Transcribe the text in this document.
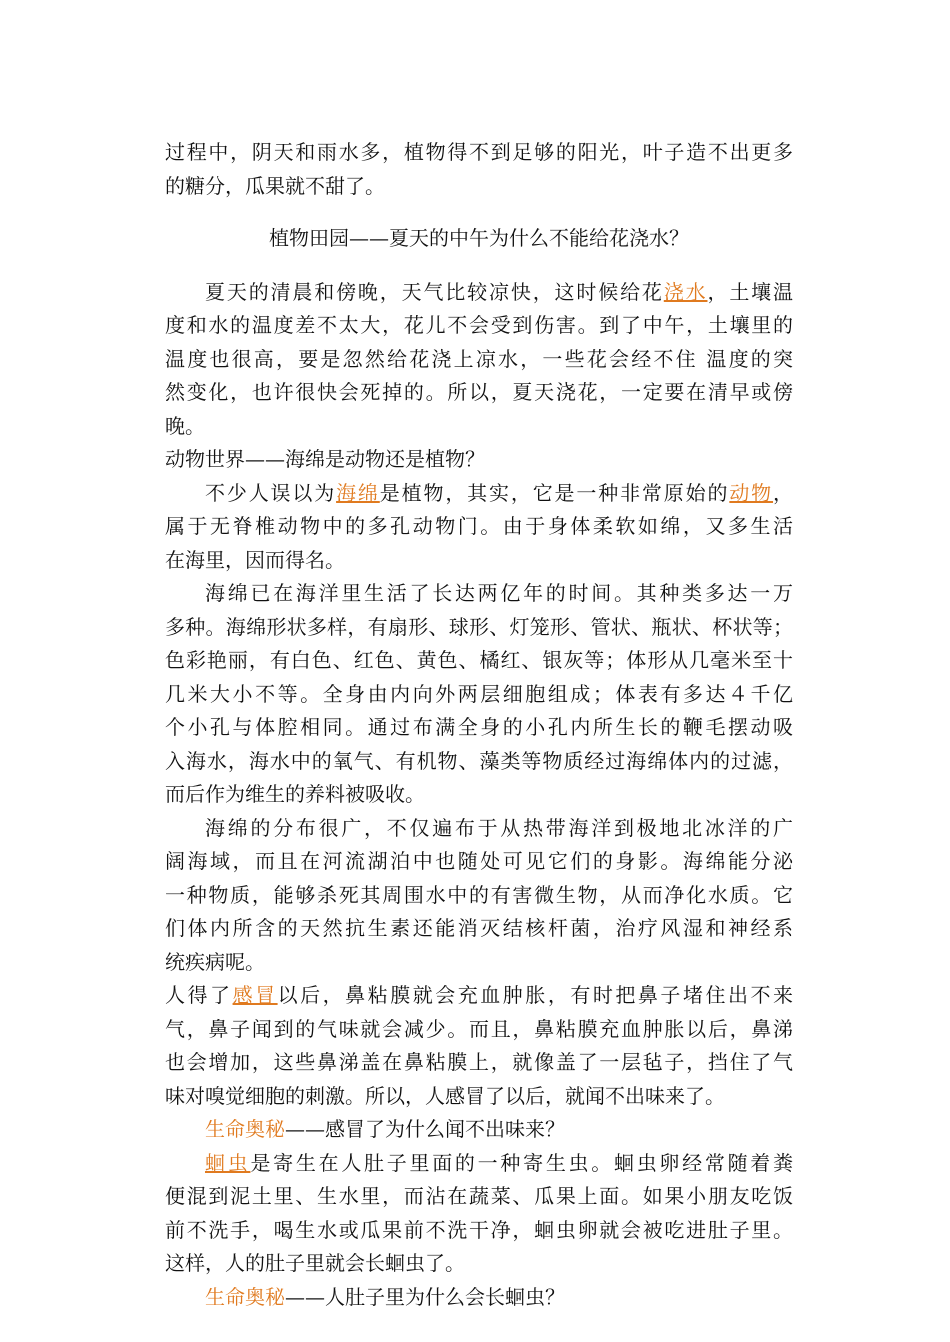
过程中，阴天和雨水多，植物得不到足够的阳光，叶子造不出更多
的糖分，瓜果就不甜了。
植物田园——夏天的中午为什么不能给花浇水？
夏天的清晨和傍晚，天气比较凉快，这时候给花浇水，土壤温
度和水的温度差不太大，花儿不会受到伤害。到了中午，土壤里的
温度也很高，要是忽然给花浇上凉水，一些花会经不住 温度的突
然变化，也许很快会死掉的。所以，夏天浇花，一定要在清早或傍
晚。
动物世界——海绵是动物还是植物？
不少人误以为海绵是植物，其实，它是一种非常原始的动物，
属于无脊椎动物中的多孔动物门。由于身体柔软如绵，又多生活
在海里，因而得名。
海绵已在海洋里生活了长达两亿年的时间。其种类多达一万
多种。海绵形状多样，有扇形、球形、灯笼形、管状、瓶状、杯状等；
色彩艳丽，有白色、红色、黄色、橘红、银灰等；体形从几毫米至十
几米大小不等。全身由内向外两层细胞组成；体表有多达４千亿
个小孔与体腔相同。通过布满全身的小孔内所生长的鞭毛摆动吸
入海水，海水中的氧气、有机物、藻类等物质经过海绵体内的过滤，
而后作为维生的养料被吸收。
海绵的分布很广，不仅遍布于从热带海洋到极地北冰洋的广
阔海域，而且在河流湖泊中也随处可见它们的身影。海绵能分泌
一种物质，能够杀死其周围水中的有害微生物，从而净化水质。它
们体内所含的天然抗生素还能消灭结核杆菌，治疗风湿和神经系
统疾病呢。
人得了感冒以后，鼻粘膜就会充血肿胀，有时把鼻子堵住出不来
气，鼻子闻到的气味就会减少。而且，鼻粘膜充血肿胀以后，鼻涕
也会增加，这些鼻涕盖在鼻粘膜上，就像盖了一层毡子，挡住了气
味对嗅觉细胞的刺激。所以，人感冒了以后，就闻不出味来了。
生命奥秘——感冒了为什么闻不出味来？
蛔虫是寄生在人肚子里面的一种寄生虫。蛔虫卵经常随着粪
便混到泥土里、生水里，而沾在蔬菜、瓜果上面。如果小朋友吃饭
前不洗手，喝生水或瓜果前不洗干净，蛔虫卵就会被吃进肚子里。
这样，人的肚子里就会长蛔虫了。
生命奥秘——人肚子里为什么会长蛔虫？
